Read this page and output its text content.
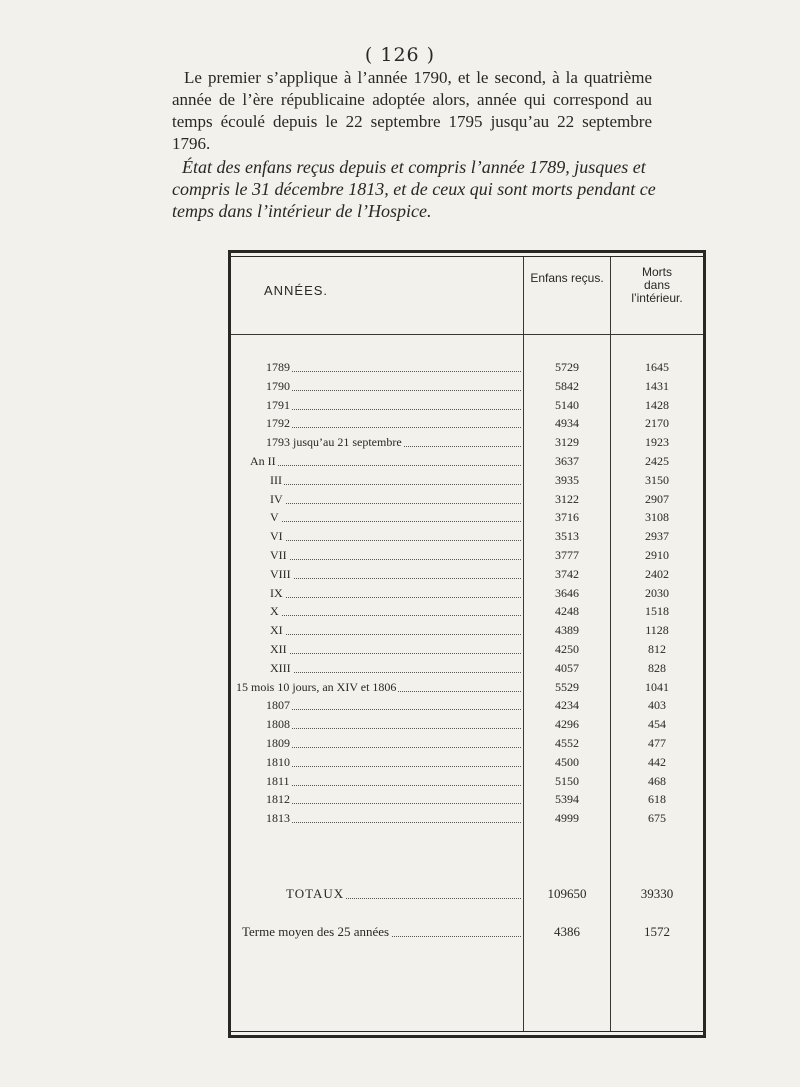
( 126 )

Le premier s’applique à l’année 1790, et le second, à la quatrième année de l’ère républicaine adoptée alors, année qui correspond au temps écoulé depuis le 22 septembre 1795 jusqu’au 22 septembre 1796.

État des enfans reçus depuis et compris l’année 1789, jusques et compris le 31 décembre 1813, et de ceux qui sont morts pendant ce temps dans l’intérieur de l’Hospice.

ANNÉES.
Enfans reçus.	Morts
dans
l’intérieur.
1789	5729	1645
1790	5842	1431
1791	5140	1428
1792	4934	2170
1793 jusqu’au 21 septembre	3129	1923
An II	3637	2425
III	3935	3150
IV	3122	2907
V	3716	3108
VI	3513	2937
VII	3777	2910
VIII	3742	2402
IX	3646	2030
X	4248	1518
XI	4389	1128
XII	4250	812
XIII	4057	828
15 mois 10 jours, an XIV et 1806	5529	1041
1807	4234	403
1808	4296	454
1809	4552	477
1810	4500	442
1811	5150	468
1812	5394	618
1813	4999	675
TOTAUX	109650	39330
Terme moyen des 25 années	4386	1572
